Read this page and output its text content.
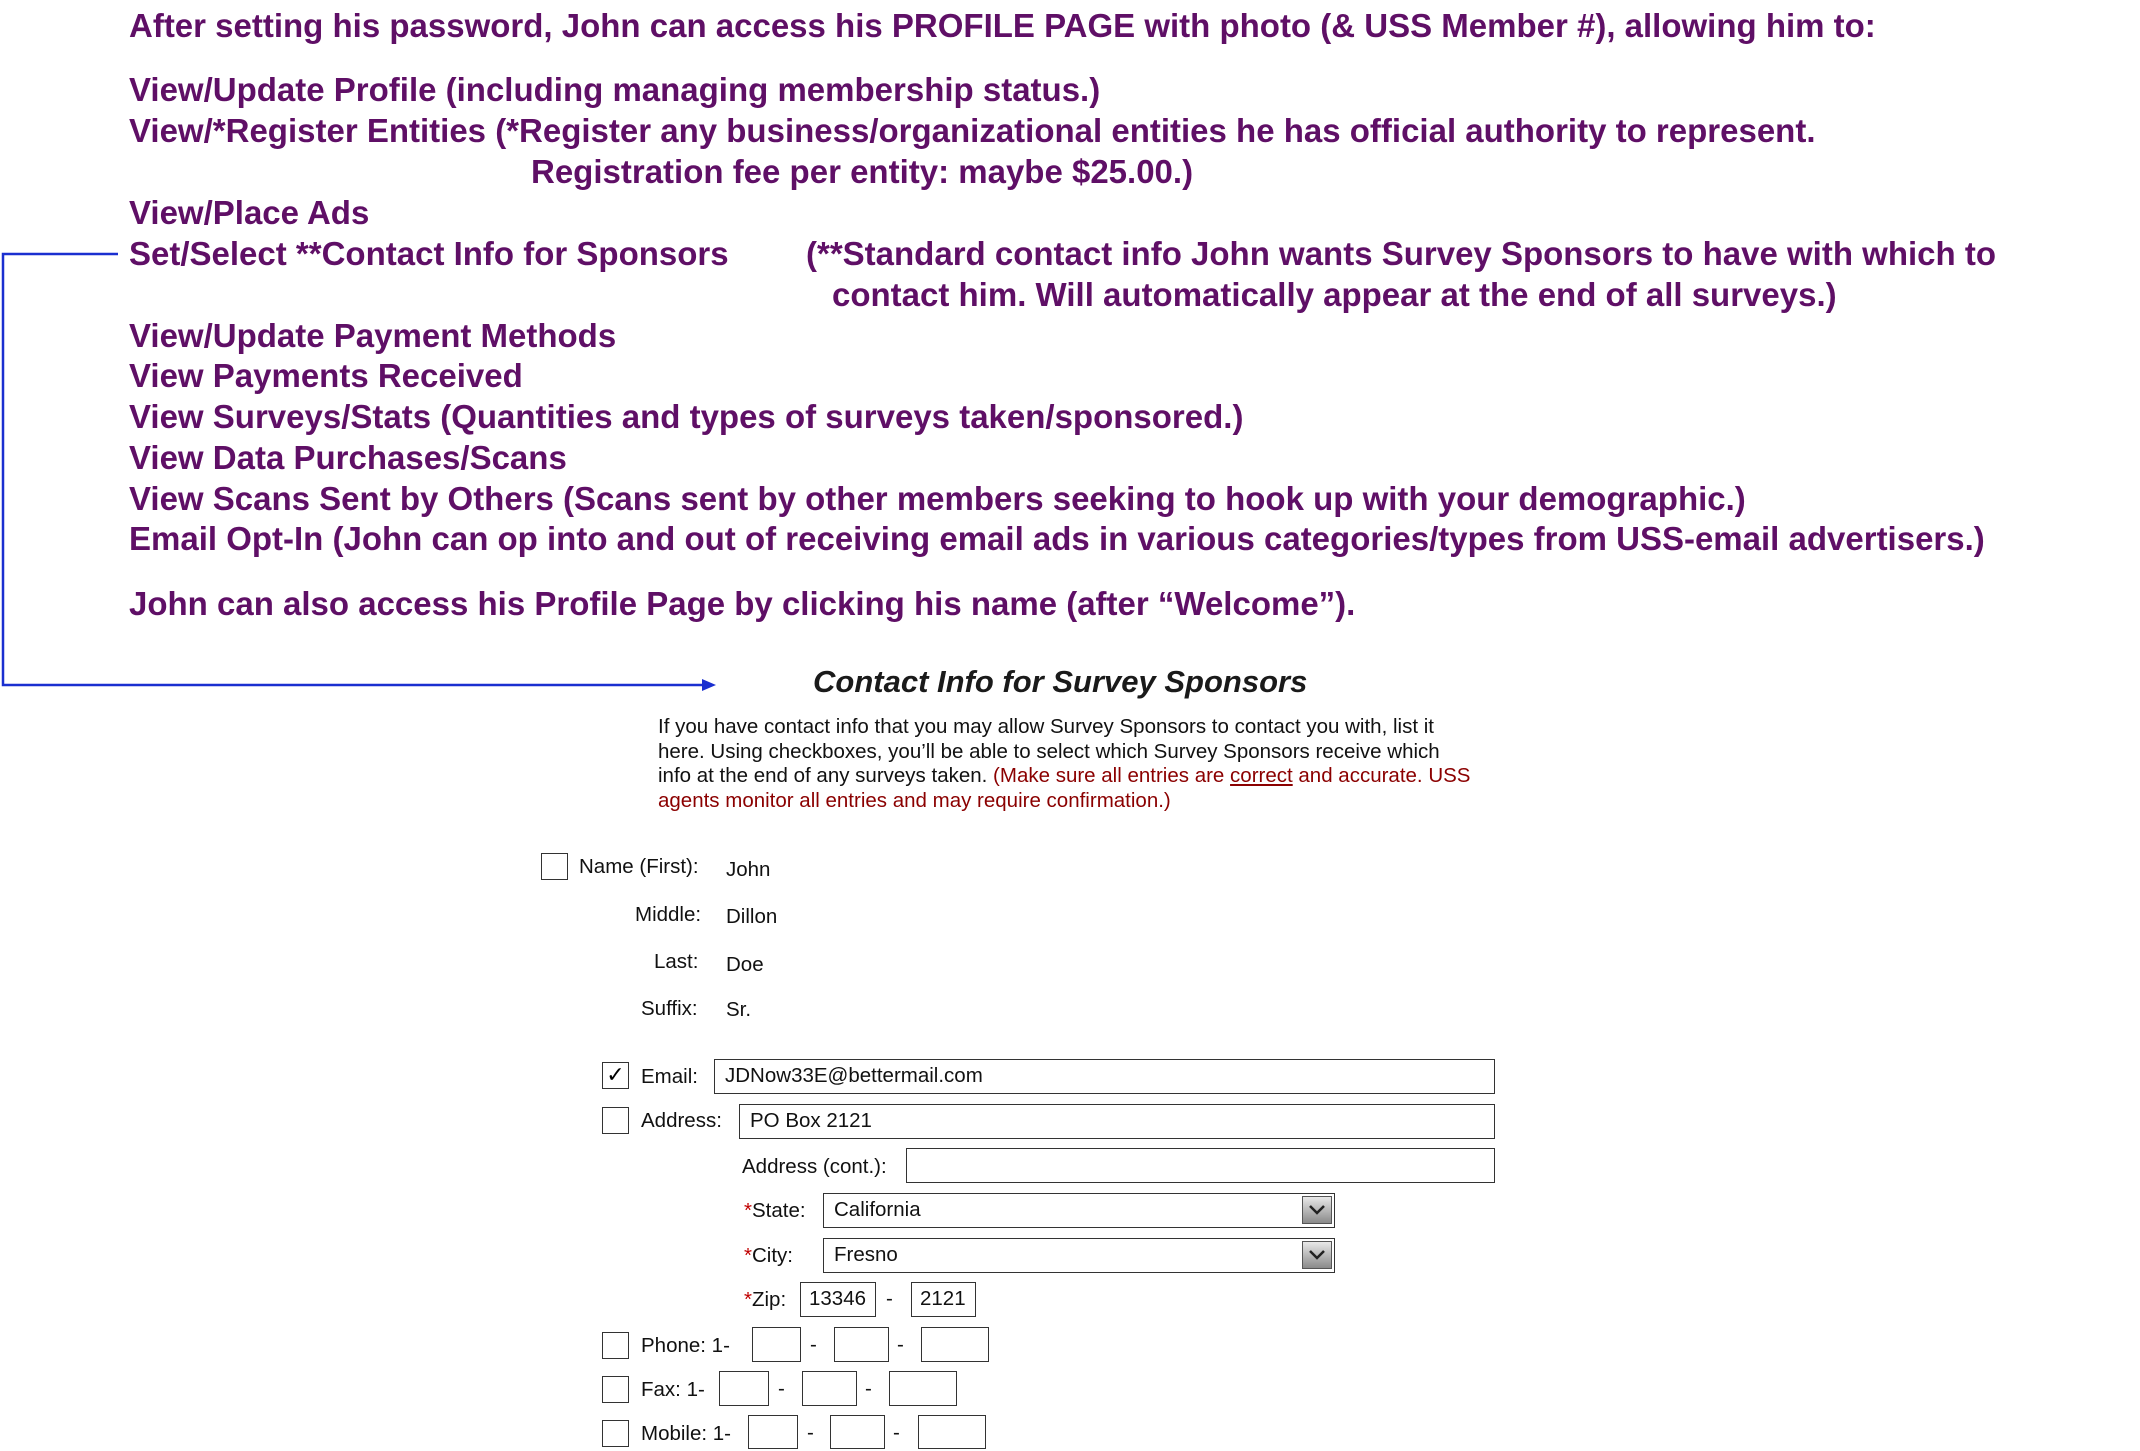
After setting his password, John can access his PROFILE PAGE with photo (& USS Member #), allowing him to:
View/Update Profile (including managing membership status.)
View/*Register Entities (*Register any business/organizational entities he has official authority to represent.
Registration fee per entity: maybe $25.00.)
View/Place Ads
Set/Select **Contact Info for Sponsors (**Standard contact info John wants Survey Sponsors to have with which to
contact him. Will automatically appear at the end of all surveys.)
View/Update Payment Methods
View Payments Received
View Surveys/Stats (Quantities and types of surveys taken/sponsored.)
View Data Purchases/Scans
View Scans Sent by Others (Scans sent by other members seeking to hook up with your demographic.)
Email Opt-In (John can op into and out of receiving email ads in various categories/types from USS-email advertisers.)
John can also access his Profile Page by clicking his name (after “Welcome”).
Contact Info for Survey Sponsors
If you have contact info that you may allow Survey Sponsors to contact you with, list it here. Using checkboxes, you’ll be able to select which Survey Sponsors receive which info at the end of any surveys taken. (Make sure all entries are correct and accurate. USS agents monitor all entries and may require confirmation.)
Name (First): John
Middle: Dillon
Last: Doe
Suffix: Sr.
✓ Email:	JDNow33E@bettermail.com
Address:	PO Box 2121
Address (cont.):
*State:	California
*City:	Fresno
*Zip:	13346 -	2121
Phone: 1-	-	-
Fax: 1-	-	-
Mobile: 1-	-	-
